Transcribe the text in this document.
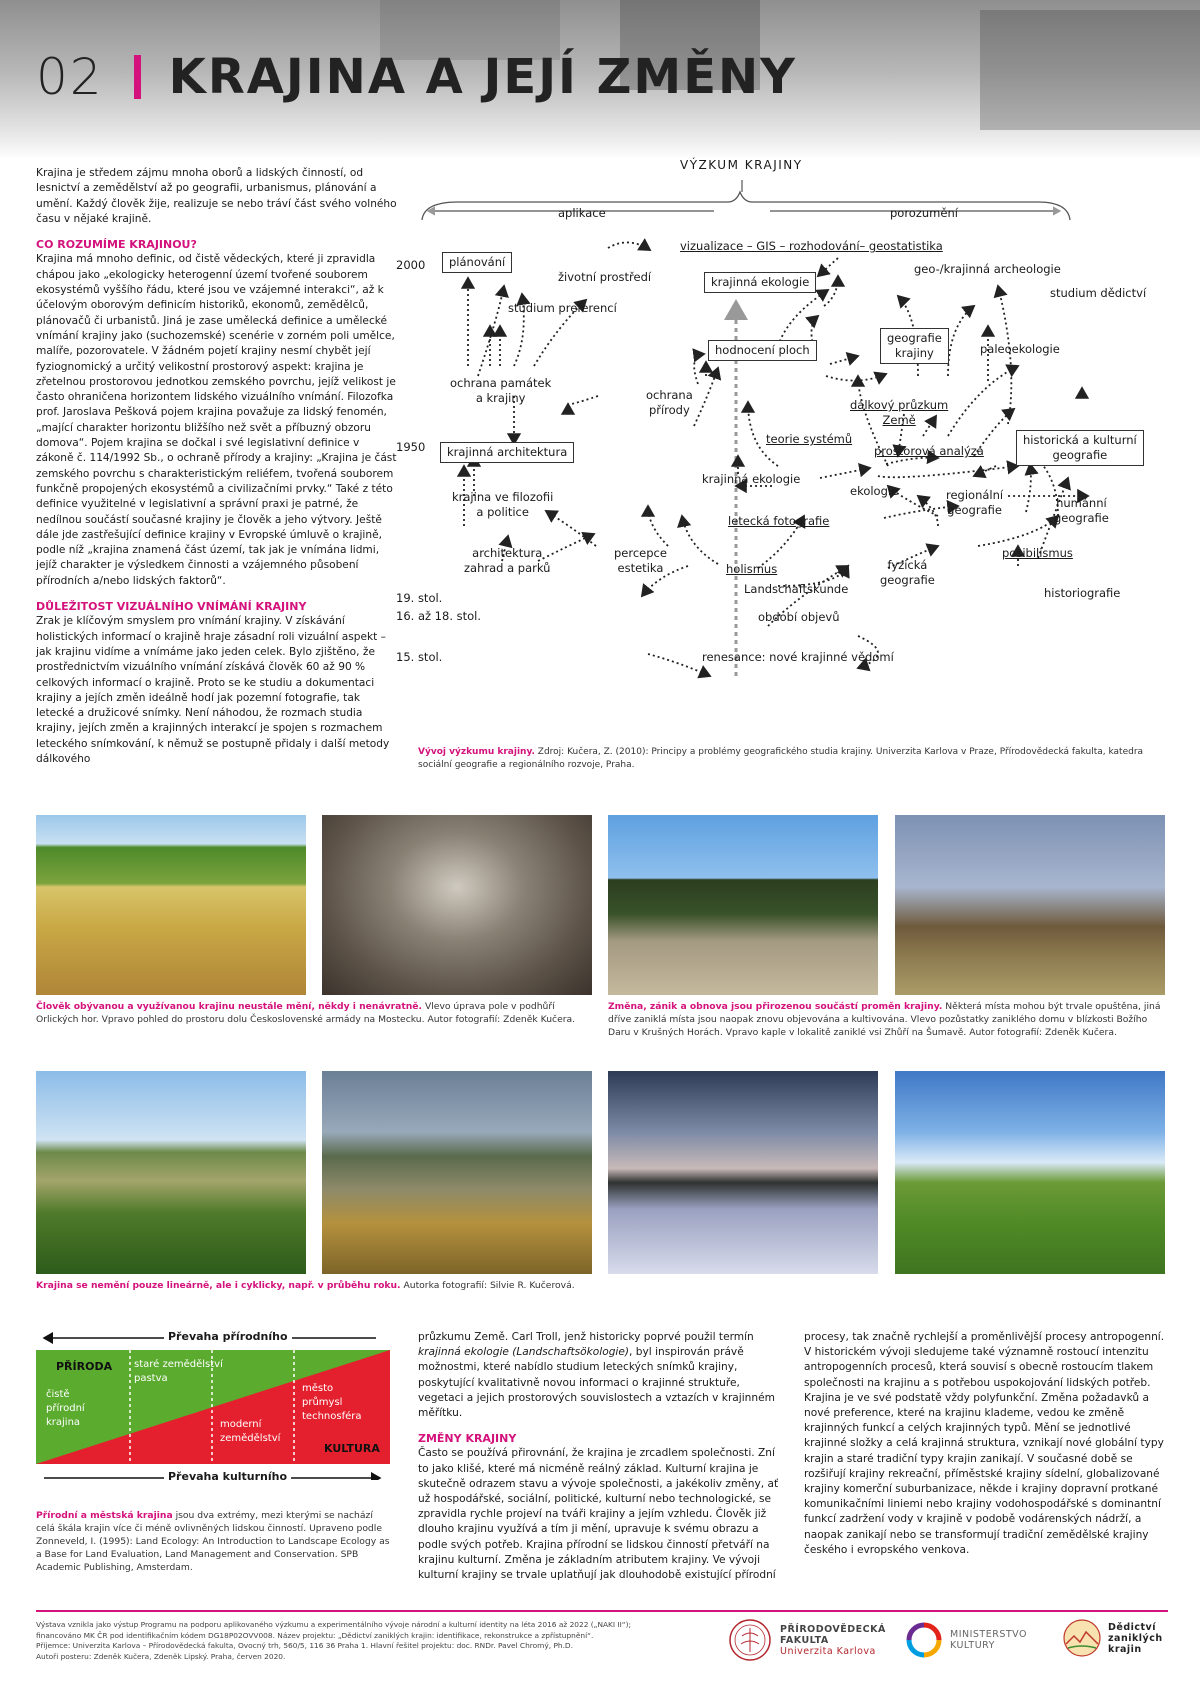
02 KRAJINA A JEJÍ ZMĚNY

Krajina je středem zájmu mnoha oborů a lidských činností, od lesnictví a zemědělství až po geografii, urbanismus, plánování a umění. Každý člověk žije, realizuje se nebo tráví část svého volného času v nějaké krajině.

CO ROZUMÍME KRAJINOU?

Krajina má mnoho definic, od čistě vědeckých, které ji zpravidla chápou jako „ekologicky heterogenní území tvořené souborem ekosystémů vyššího řádu, které jsou ve vzájemné interakci“, až k účelovým oborovým definicím historiků, ekonomů, zemědělců, plánovačů či urbanistů. Jiná je zase umělecká definice a umělecké vnímání krajiny jako (suchozemské) scenérie v zorném poli umělce, malíře, pozorovatele. V žádném pojetí krajiny nesmí chybět její fyziognomický a určitý velikostní prostorový aspekt: krajina je zřetelnou prostorovou jednotkou zemského povrchu, jejíž velikost je často ohraničena horizontem lidského vizuálního vnímání. Filozofka prof. Jaroslava Pešková pojem krajina považuje za lidský fenomén, „mající charakter horizontu bližšího než svět a příbuzný obzoru domova“. Pojem krajina se dočkal i své legislativní definice v zákoně č. 114/1992 Sb., o ochraně přírody a krajiny: „Krajina je část zemského povrchu s charakteristickým reliéfem, tvořená souborem funkčně propojených ekosystémů a civilizačními prvky.“ Také z této definice využitelné v legislativní a správní praxi je patrné, že nedílnou součástí současné krajiny je člověk a jeho výtvory. Ještě dále jde zastřešující definice krajiny v Evropské úmluvě o krajině, podle níž „krajina znamená část území, tak jak je vnímána lidmi, jejíž charakter je výsledkem činnosti a vzájemného působení přírodních a/nebo lidských faktorů“.

DŮLEŽITOST VIZUÁLNÍHO VNÍMÁNÍ KRAJINY

Zrak je klíčovým smyslem pro vnímání krajiny. V získávání holistických informací o krajině hraje zásadní roli vizuální aspekt – jak krajinu vidíme a vnímáme jako jeden celek. Bylo zjištěno, že prostřednictvím vizuálního vnímání získává člověk 60 až 90 % celkových informací o krajině. Proto se ke studiu a dokumentaci krajiny a jejích změn ideálně hodí jak pozemní fotografie, tak letecké a družicové snímky. Není náhodou, že rozmach studia krajiny, jejích změn a krajinných interakcí je spojen s rozmachem leteckého snímkování, k němuž se postupně přidaly i další metody dálkového

VÝZKUM KRAJINY
aplikace	porozumění
2000
1950
19. stol.
16. až 18. stol.
15. stol.
plánování
životní prostředí
vizualizace – GIS – rozhodování– geostatistika
krajinná ekologie
geo-/krajinná archeologie
studium dědictví
studium preferencí
geografie
krajiny
hodnocení ploch	paleoekologie
ochrana památek
a krajiny	ochrana
přírody	dálkový průzkum
Země
teorie systémů
prostorová analýza
historická a kulturní
geografie
krajinná architektura
krajinná ekologie
ekologie	regionální
geografie	humánní
geografie
krajina ve filozofii
a politice
letecká fotografie
architektura
zahrad a parků
percepce
estetika	holismus	fyzická
geografie
posibilismus
Landschaftskunde	historiografie
období objevů
renesance: nové krajinné vědomí
Vývoj výzkumu krajiny. Zdroj: Kučera, Z. (2010): Principy a problémy geografického studia krajiny. Univerzita Karlova v Praze, Přírodovědecká fakulta, katedra sociální geografie a regionálního rozvoje, Praha.
Člověk obývanou a využívanou krajinu neustále mění, někdy i nenávratně. Vlevo úprava pole v podhůří Orlických hor. Vpravo pohled do prostoru dolu Československé armády na Mostecku. Autor fotografií: Zdeněk Kučera.
Změna, zánik a obnova jsou přirozenou součástí proměn krajiny. Některá místa mohou být trvale opuštěna, jiná dříve zaniklá místa jsou naopak znovu objevována a kultivována. Vlevo pozůstatky zaniklého domu v blízkosti Božího Daru v Krušných Horách. Vpravo kaple v lokalitě zaniklé vsi Zhůří na Šumavě. Autor fotografií: Zdeněk Kučera.
Krajina se nemění pouze lineárně, ale i cyklicky, např. v průběhu roku. Autorka fotografií: Silvie R. Kučerová.
Převaha přírodního
Převaha kulturního
PŘÍRODA
KULTURA
čistě
přírodní
krajina
staré zemědělství
pastva
moderní
zemědělství
město
průmysl
technosféra
Přírodní a městská krajina jsou dva extrémy, mezi kterými se nachází celá škála krajin více či méně ovlivněných lidskou činností. Upraveno podle Zonneveld, I. (1995): Land Ecology: An Introduction to Landscape Ecology as a Base for Land Evaluation, Land Management and Conservation. SPB Academic Publishing, Amsterdam.

průzkumu Země. Carl Troll, jenž historicky poprvé použil termín krajinná ekologie (Landschaftsökologie), byl inspirován právě možnostmi, které nabídlo studium leteckých snímků krajiny, poskytující kvalitativně novou informaci o krajinné struktuře, vegetaci a jejich prostorových souvislostech a vztazích v krajinném měřítku.

ZMĚNY KRAJINY

Často se používá přirovnání, že krajina je zrcadlem společnosti. Zní to jako klišé, které má nicméně reálný základ. Kulturní krajina je skutečně odrazem stavu a vývoje společnosti, a jakékoliv změny, ať už hospodářské, sociální, politické, kulturní nebo technologické, se zpravidla rychle projeví na tváři krajiny a jejím vzhledu. Člověk již dlouho krajinu využívá a tím ji mění, upravuje k svému obrazu a podle svých potřeb. Krajina přírodní se lidskou činností přetváří na krajinu kulturní. Změna je základním atributem krajiny. Ve vývoji kulturní krajiny se trvale uplatňují jak dlouhodobě existující přírodní

procesy, tak značně rychlejší a proměnlivější procesy antropogenní. V historickém vývoji sledujeme také významně rostoucí intenzitu antropogenních procesů, která souvisí s obecně rostoucím tlakem společnosti na krajinu a s potřebou uspokojování lidských potřeb.

Krajina je ve své podstatě vždy polyfunkční. Změna požadavků a nové preference, které na krajinu klademe, vedou ke změně krajinných funkcí a celých krajinných typů. Mění se jednotlivé krajinné složky a celá krajinná struktura, vznikají nové globální typy krajin a staré tradiční typy krajin zanikají. V současné době se rozšiřují krajiny rekreační, příměstské krajiny sídelní, globalizované krajiny komerční suburbanizace, někde i krajiny dopravní protkané komunikačními liniemi nebo krajiny vodohospodářské s dominantní funkcí zadržení vody v krajině v podobě vodárenských nádrží, a naopak zanikají nebo se transformují tradiční zemědělské krajiny českého i evropského venkova.

Výstava vznikla jako výstup Programu na podporu aplikovaného výzkumu a experimentálního vývoje národní a kulturní identity na léta 2016 až 2022 („NAKI II“);
financováno MK ČR pod identifikačním kódem DG18P02OVV008. Název projektu: „Dědictví zaniklých krajin: identifikace, rekonstrukce a zpřístupnění“.
Příjemce: Univerzita Karlova – Přírodovědecká fakulta, Ovocný trh, 560/5, 116 36 Praha 1. Hlavní řešitel projektu: doc. RNDr. Pavel Chromý, Ph.D.
Autoři posteru: Zdeněk Kučera, Zdeněk Lipský. Praha, červen 2020.
PŘÍRODOVĚDECKÁ
FAKULTA
Univerzita Karlova
MINISTERSTVO
KULTURY
Dědictví
zaniklých
krajin
